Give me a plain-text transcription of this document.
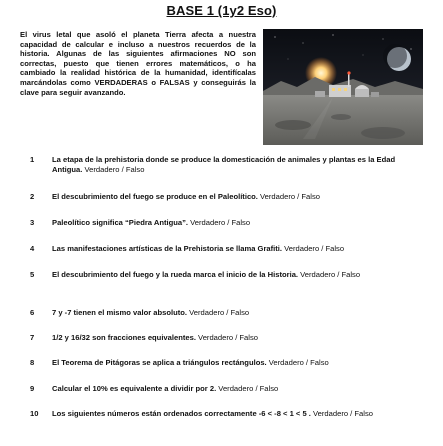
BASE 1 (1y2 Eso)
El virus letal que asoló el planeta Tierra afecta a nuestra capacidad de calcular e incluso a nuestros recuerdos de la historia. Algunas de las siguientes afirmaciones NO son correctas, puesto que tienen errores matemáticos, o ha cambiado la realidad histórica de la humanidad, identifícalas marcándolas como VERDADERAS o FALSAS y conseguirás la clave para seguir avanzando.
1	La etapa de la prehistoria donde se produce la domesticación de animales y plantas es la Edad Antigua. Verdadero / Falso
2	El descubrimiento del fuego se produce en el Paleolítico. Verdadero / Falso
3	Paleolítico significa “Piedra Antigua”. Verdadero / Falso
4	Las manifestaciones artísticas de la Prehistoria se llama Grafiti. Verdadero / Falso
5	El descubrimiento del fuego y la rueda marca el inicio de la Historia. Verdadero / Falso
6	7 y -7 tienen el mismo valor absoluto. Verdadero / Falso
7	1/2 y 16/32 son fracciones equivalentes. Verdadero / Falso
8	El Teorema de Pitágoras se aplica a triángulos rectángulos. Verdadero / Falso
9	Calcular el 10% es equivalente a dividir por 2. Verdadero / Falso
10	Los siguientes números están ordenados correctamente -6 < -8 < 1 < 5 . Verdadero / Falso
